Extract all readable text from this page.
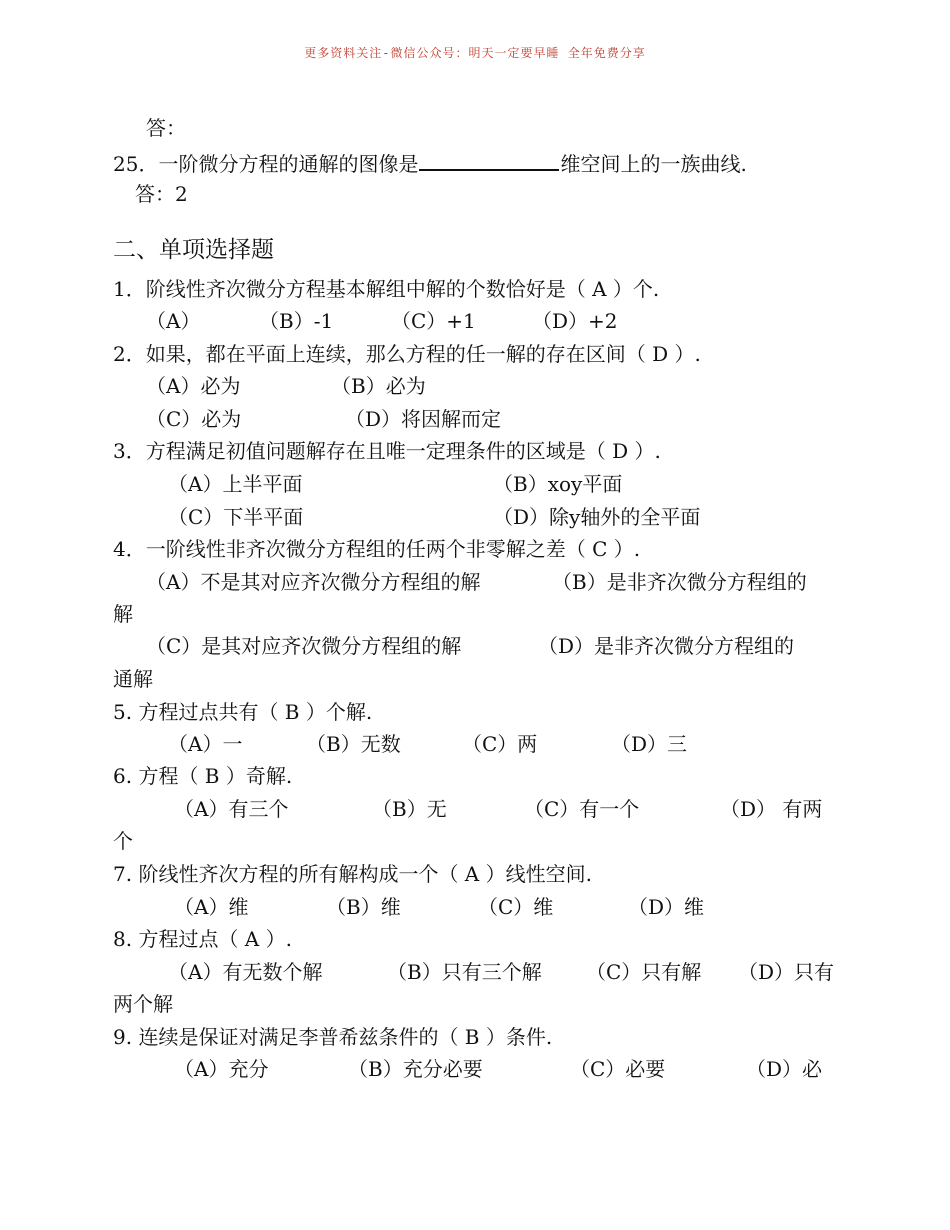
更多资料关注-微信公众号：明天一定要早睡 全年免费分享
答：
25．一阶微分方程的通解的图像是	维空间上的一族曲线.
答：2
二、单项选择题
1．阶线性齐次微分方程基本解组中解的个数恰好是（ A ）个.
（A）	（B）-1	（C）+1	（D）+2
2．如果，都在平面上连续，那么方程的任一解的存在区间（ D ）.
（A）必为	（B）必为
（C）必为	（D）将因解而定
3．方程满足初值问题解存在且唯一定理条件的区域是（ D ）.
（A）上半平面	（B）xoy平面
（C）下半平面	（D）除y轴外的全平面
4．一阶线性非齐次微分方程组的任两个非零解之差（ C ）.
（A）不是其对应齐次微分方程组的解	（B）是非齐次微分方程组的
解
（C）是其对应齐次微分方程组的解	（D）是非齐次微分方程组的
通解
5. 方程过点共有（ B ）个解.
（A）一	（B）无数	（C）两	（D）三
6. 方程（ B ）奇解.
（A）有三个	（B）无	（C）有一个	（D） 有两
个
7. 阶线性齐次方程的所有解构成一个（ A ）线性空间.
（A）维	（B）维	（C）维	（D）维
8. 方程过点（ A ）.
（A）有无数个解	（B）只有三个解 （C）只有解 （D）只有
两个解
9. 连续是保证对满足李普希兹条件的（ B ）条件.
（A）充分	（B）充分必要	（C）必要	（D）必
